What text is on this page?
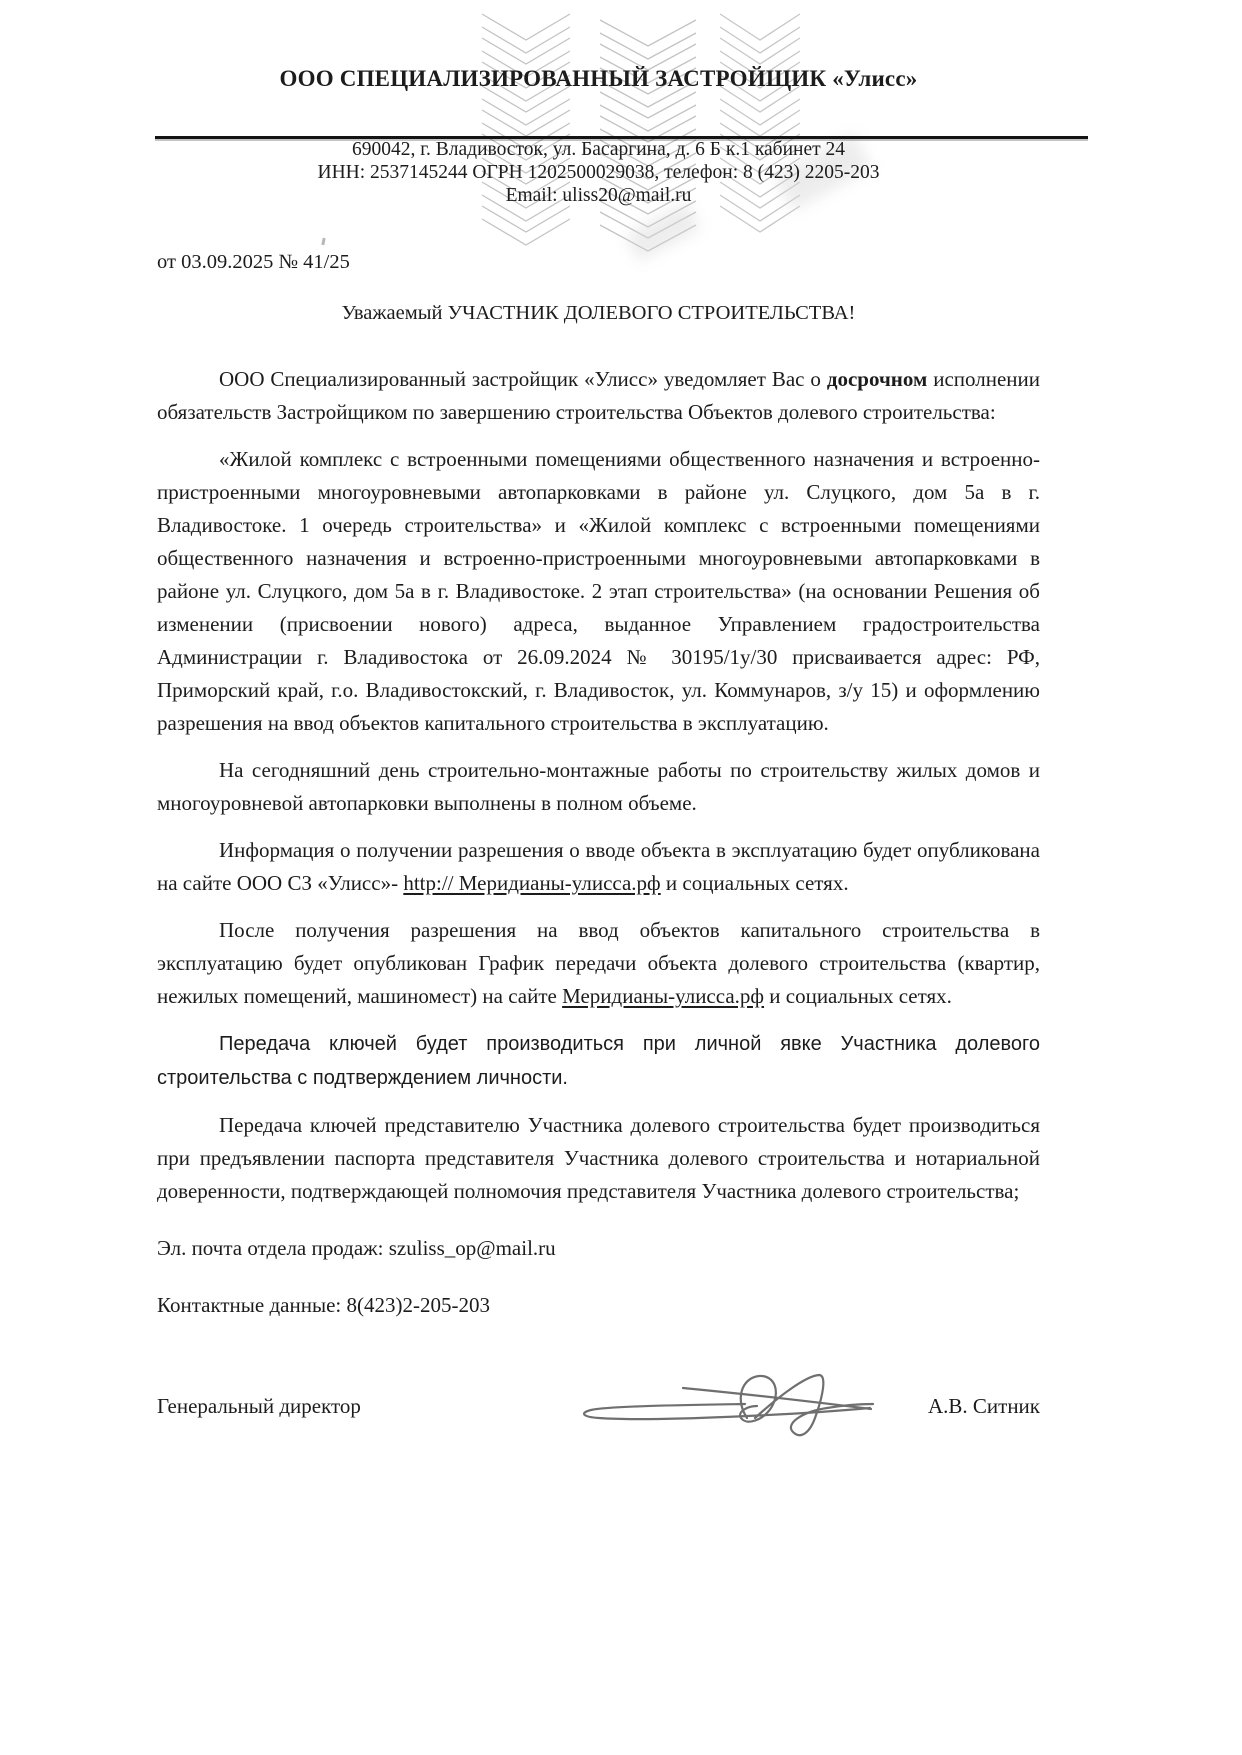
ООО СПЕЦИАЛИЗИРОВАННЫЙ ЗАСТРОЙЩИК «Улисс»
690042, г. Владивосток, ул. Басаргина, д. 6 Б к.1 кабинет 24
ИНН: 2537145244 ОГРН 1202500029038, телефон: 8 (423) 2205-203
Email: uliss20@mail.ru
от 03.09.2025 № 41/25
Уважаемый УЧАСТНИК ДОЛЕВОГО СТРОИТЕЛЬСТВА!

ООО Специализированный застройщик «Улисс» уведомляет Вас о досрочном исполнении обязательств Застройщиком по завершению строительства Объектов долевого строительства:

«Жилой комплекс с встроенными помещениями общественного назначения и встроенно-пристроенными многоуровневыми автопарковками в районе ул. Слуцкого, дом 5а в г. Владивостоке. 1 очередь строительства» и «Жилой комплекс с встроенными помещениями общественного назначения и встроенно-пристроенными многоуровневыми автопарковками в районе ул. Слуцкого, дом 5а в г. Владивостоке. 2 этап строительства» (на основании Решения об изменении (присвоении нового) адреса, выданное Управлением градостроительства Администрации г. Владивостока от 26.09.2024 № 30195/1у/30 присваивается адрес: РФ, Приморский край, г.о. Владивостокский, г. Владивосток, ул. Коммунаров, з/у 15) и оформлению разрешения на ввод объектов капитального строительства в эксплуатацию.

На сегодняшний день строительно-монтажные работы по строительству жилых домов и многоуровневой автопарковки выполнены в полном объеме.

Информация о получении разрешения о вводе объекта в эксплуатацию будет опубликована на сайте ООО СЗ «Улисс»- http:// Меридианы-улисса.рф и социальных сетях.

После получения разрешения на ввод объектов капитального строительства в эксплуатацию будет опубликован График передачи объекта долевого строительства (квартир, нежилых помещений, машиномест) на сайте Меридианы-улисса.рф и социальных сетях.

Передача ключей будет производиться при личной явке Участника долевого строительства с подтверждением личности.

Передача ключей представителю Участника долевого строительства будет производиться при предъявлении паспорта представителя Участника долевого строительства и нотариальной доверенности, подтверждающей полномочия представителя Участника долевого строительства;

Эл. почта отдела продаж: szuliss_op@mail.ru
Контактные данные: 8(423)2-205-203
Генеральный директор	А.В. Ситник
